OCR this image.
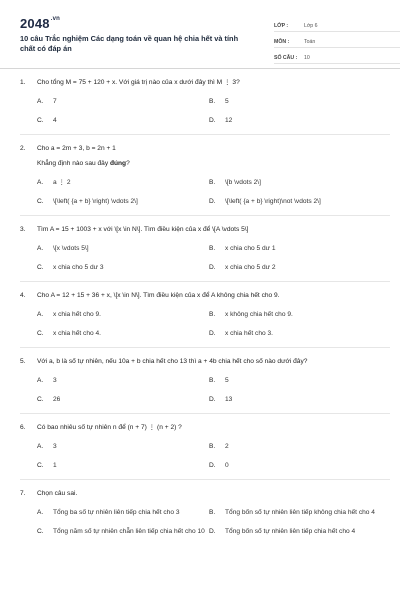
$2048^{.vn}$
10 câu Trắc nghiệm Các dạng toán về quan hệ chia hết và tính chất có đáp án
LỚP :	Lớp 6
MÔN :	Toán
SỐ CÂU :	10
1.	Cho tổng M = 75 + 120 + x. Với giá trị nào của x dưới đây thì M ⋮ 3?
A.	7	B.	5
C.	4	D.	12
2.	Cho a = 2m + 3, b = 2n + 1
Khẳng định nào sau đây đúng?
A.	a ⋮ 2	B.	\[b \vdots 2\]
C.	\[\left( {a + b} \right) \vdots 2\]	D.	\[\left( {a + b} \right)\not \vdots 2\]
3.	Tìm A = 15 + 1003 + x với \[x \in N\]. Tìm điều kiện của x để \[A \vdots 5\]
A.	\[x \vdots 5\]	B.	x chia cho 5 dư 1
C.	x chia cho 5 dư 3	D.	x chia cho 5 dư 2
4.	Cho A = 12 + 15 + 36 + x, \[x \in N\]. Tìm điều kiện của x để A không chia hết cho 9.
A.	x chia hết cho 9.	B.	x không chia hết cho 9.
C.	x chia hết cho 4.	D.	x chia hết cho 3.
5.	Với a, b là số tự nhiên, nếu 10a + b chia hết cho 13 thì a + 4b chia hết cho số nào dưới đây?
A.	3	B.	5
C.	26	D.	13
6.	Có bao nhiêu số tự nhiên n để (n + 7) ⋮ (n + 2) ?
A.	3	B.	2
C.	1	D.	0
7.	Chọn câu sai.
A.	Tổng ba số tự nhiên liên tiếp chia hết cho 3	B.	Tổng bốn số tự nhiên liên tiếp không chia hết cho 4
C.	Tổng năm số tự nhiên chẵn liên tiếp chia hết cho 10 D.	Tổng bốn số tự nhiên liên tiếp chia hết cho 4
